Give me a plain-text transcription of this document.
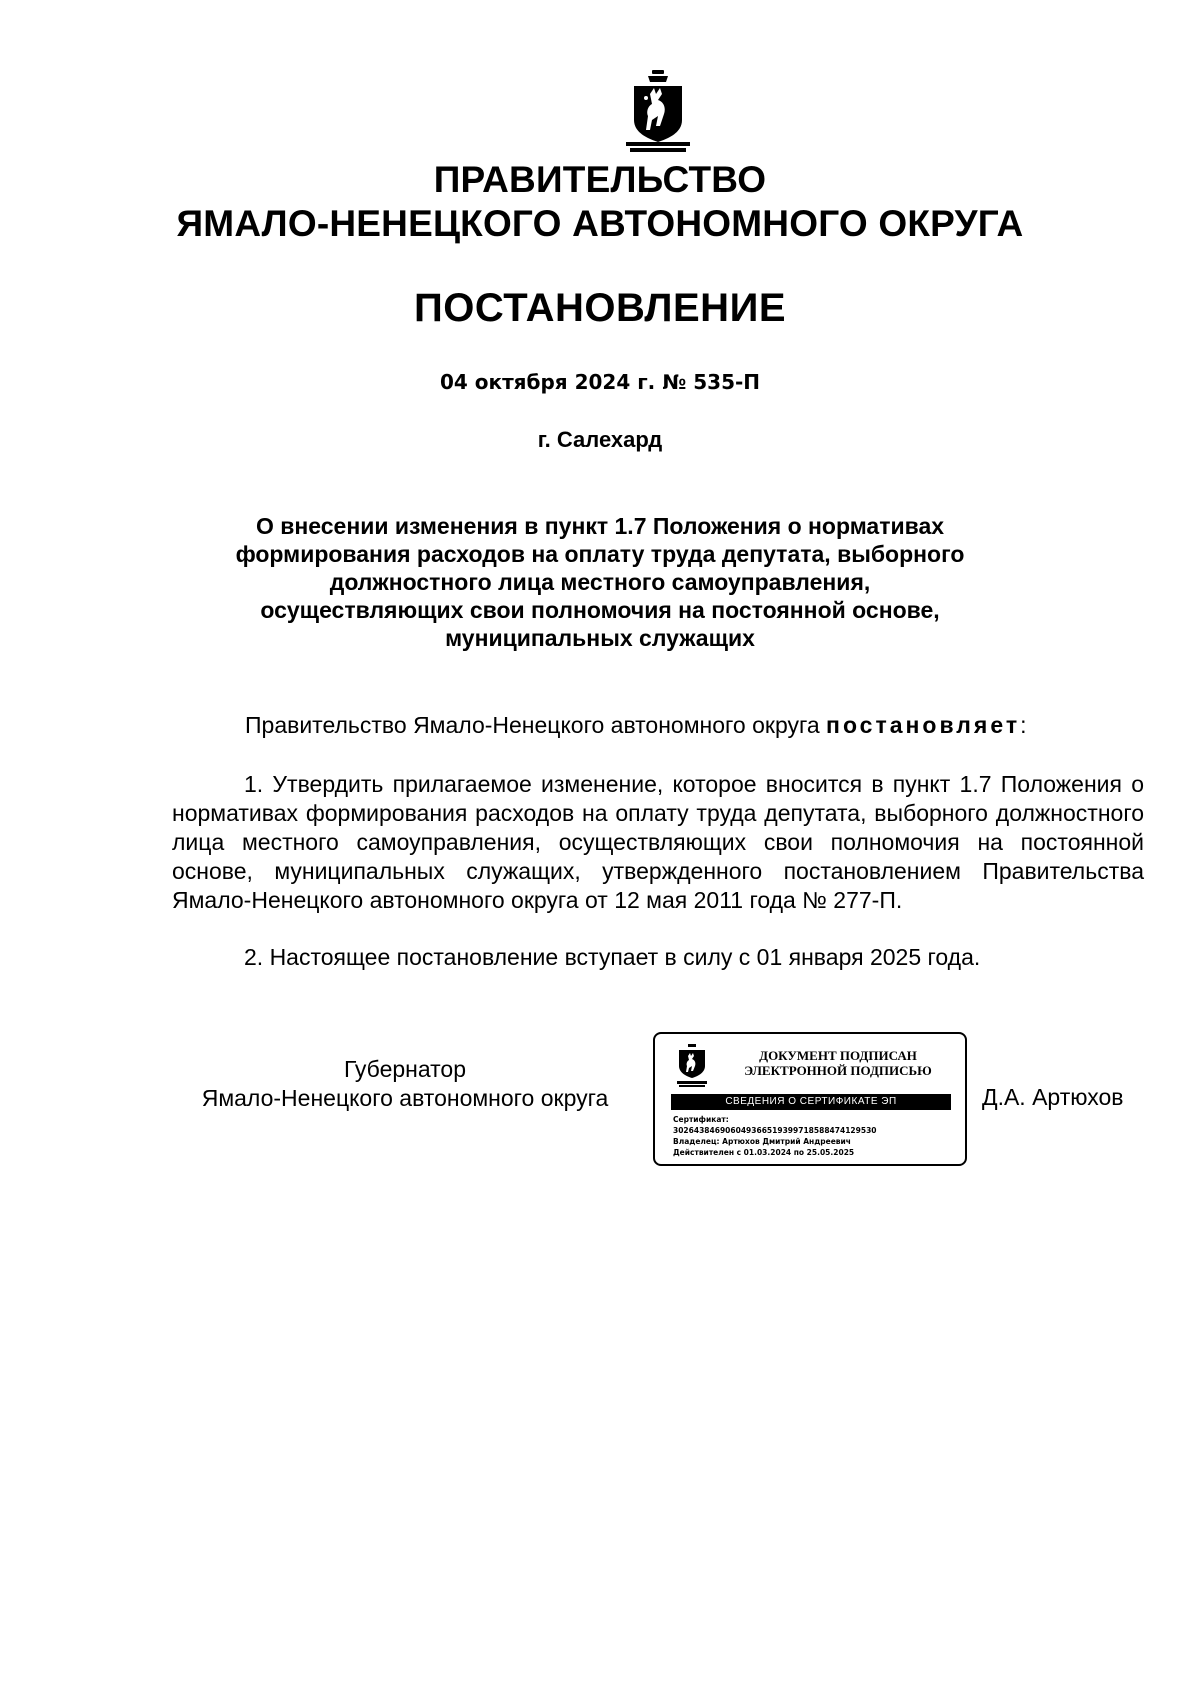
ПРАВИТЕЛЬСТВО
ЯМАЛО-НЕНЕЦКОГО АВТОНОМНОГО ОКРУГА
ПОСТАНОВЛЕНИЕ
04 октября 2024 г. № 535-П
г. Салехард
О внесении изменения в пункт 1.7 Положения о нормативах
формирования расходов на оплату труда депутата, выборного
должностного лица местного самоуправления,
осуществляющих свои полномочия на постоянной основе,
муниципальных служащих
Правительство Ямало-Ненецкого автономного округа постановляет:
1. Утвердить прилагаемое изменение, которое вносится в пункт 1.7 Положения о нормативах формирования расходов на оплату труда депутата, выборного должностного лица местного самоуправления, осуществляющих свои полномочия на постоянной основе, муниципальных служащих, утвержденного постановлением Правительства Ямало-Ненецкого автономного округа от 12 мая 2011 года № 277-П.
2. Настоящее постановление вступает в силу с 01 января 2025 года.
Губернатор
Ямало-Ненецкого автономного округа
ДОКУМЕНТ ПОДПИСАН
ЭЛЕКТРОННОЙ ПОДПИСЬЮ
СВЕДЕНИЯ О СЕРТИФИКАТЕ ЭП
Сертификат:
302643846906049366519399718588474129530
Владелец: Артюхов Дмитрий Андреевич
Действителен с 01.03.2024 по 25.05.2025
Д.А. Артюхов
